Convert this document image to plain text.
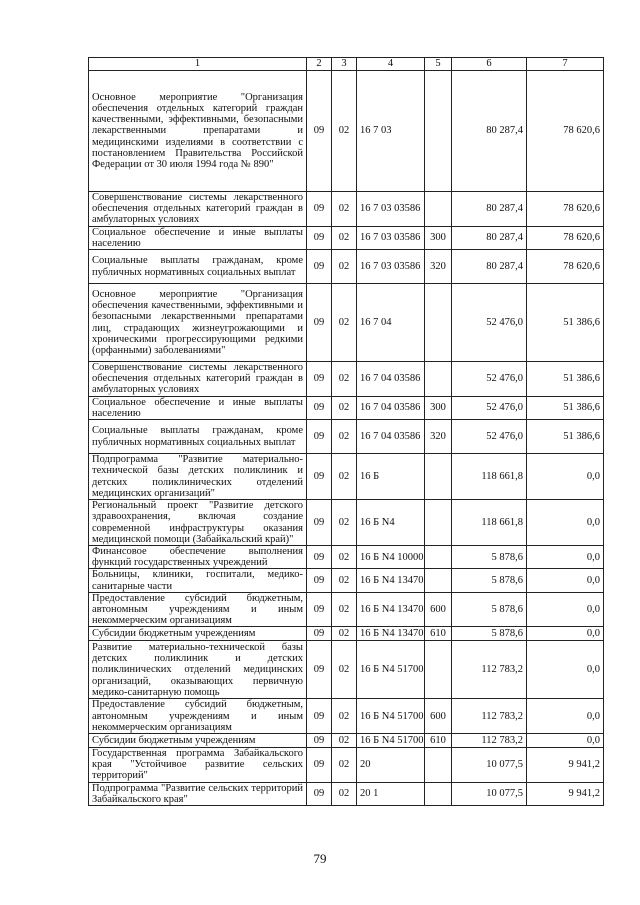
1	2	3	4	5	6	7
Основное мероприятие "Организация обеспечения отдельных категорий граждан качественными, эффективными, безопасными лекарственными препаратами и медицинскими изделиями в соответствии с постановлением Правительства Российской Федерации от 30 июля 1994 года № 890"	09	02	16 7 03		80 287,4	78 620,6
Совершенствование системы лекарственного обеспечения отдельных категорий граждан в амбулаторных условиях	09	02	16 7 03 03586		80 287,4	78 620,6
Социальное обеспечение и иные выплаты населению	09	02	16 7 03 03586	300	80 287,4	78 620,6
Социальные выплаты гражданам, кроме публичных нормативных социальных выплат	09	02	16 7 03 03586	320	80 287,4	78 620,6
Основное мероприятие "Организация обеспечения качественными, эффективными и безопасными лекарственными препаратами лиц, страдающих жизнеугрожающими и хроническими прогрессирующими редкими (орфанными) заболеваниями"	09	02	16 7 04		52 476,0	51 386,6
Совершенствование системы лекарственного обеспечения отдельных категорий граждан в амбулаторных условиях	09	02	16 7 04 03586		52 476,0	51 386,6
Социальное обеспечение и иные выплаты населению	09	02	16 7 04 03586	300	52 476,0	51 386,6
Социальные выплаты гражданам, кроме публичных нормативных социальных выплат	09	02	16 7 04 03586	320	52 476,0	51 386,6
Подпрограмма "Развитие материально-технической базы детских поликлиник и детских поликлинических отделений медицинских организаций"	09	02	16 Б		118 661,8	0,0
Региональный проект "Развитие детского здравоохранения, включая создание современной инфраструктуры оказания медицинской помощи (Забайкальский край)"	09	02	16 Б N4		118 661,8	0,0
Финансовое обеспечение выполнения функций государственных учреждений	09	02	16 Б N4 10000		5 878,6	0,0
Больницы, клиники, госпитали, медико-санитарные части	09	02	16 Б N4 13470		5 878,6	0,0
Предоставление субсидий бюджетным, автономным учреждениям и иным некоммерческим организациям	09	02	16 Б N4 13470	600	5 878,6	0,0
Субсидии бюджетным учреждениям	09	02	16 Б N4 13470	610	5 878,6	0,0
Развитие материально-технической базы детских поликлиник и детских поликлинических отделений медицинских организаций, оказывающих первичную медико-санитарную помощь	09	02	16 Б N4 51700		112 783,2	0,0
Предоставление субсидий бюджетным, автономным учреждениям и иным некоммерческим организациям	09	02	16 Б N4 51700	600	112 783,2	0,0
Субсидии бюджетным учреждениям	09	02	16 Б N4 51700	610	112 783,2	0,0
Государственная программа Забайкальского края "Устойчивое развитие сельских территорий"	09	02	20		10 077,5	9 941,2
Подпрограмма "Развитие сельских территорий Забайкальского края"	09	02	20 1		10 077,5	9 941,2
79
